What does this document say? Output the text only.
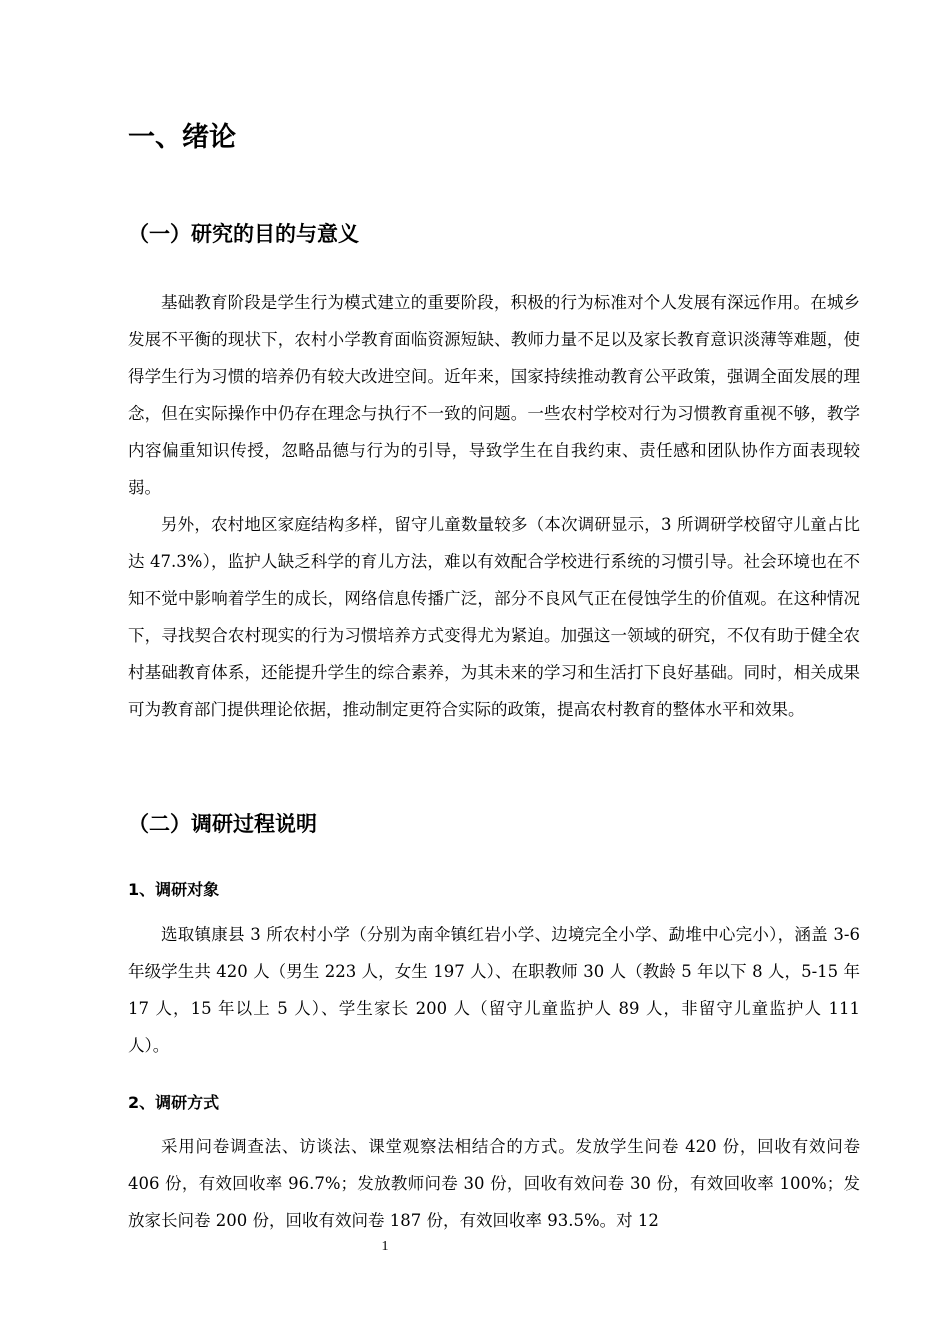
一、绪论
（一）研究的目的与意义

基础教育阶段是学生行为模式建立的重要阶段，积极的行为标准对个人发展有深远作用。在城乡发展不平衡的现状下，农村小学教育面临资源短缺、教师力量不足以及家长教育意识淡薄等难题，使得学生行为习惯的培养仍有较大改进空间。近年来，国家持续推动教育公平政策，强调全面发展的理念，但在实际操作中仍存在理念与执行不一致的问题。一些农村学校对行为习惯教育重视不够，教学内容偏重知识传授，忽略品德与行为的引导，导致学生在自我约束、责任感和团队协作方面表现较弱。

另外，农村地区家庭结构多样，留守儿童数量较多（本次调研显示，3 所调研学校留守儿童占比达 47.3%），监护人缺乏科学的育儿方法，难以有效配合学校进行系统的习惯引导。社会环境也在不知不觉中影响着学生的成长，网络信息传播广泛，部分不良风气正在侵蚀学生的价值观。在这种情况下，寻找契合农村现实的行为习惯培养方式变得尤为紧迫。加强这一领域的研究，不仅有助于健全农村基础教育体系，还能提升学生的综合素养，为其未来的学习和生活打下良好基础。同时，相关成果可为教育部门提供理论依据，推动制定更符合实际的政策，提高农村教育的整体水平和效果。

（二）调研过程说明
1、调研对象

选取镇康县 3 所农村小学（分别为南伞镇红岩小学、边境完全小学、勐堆中心完小），涵盖 3-6 年级学生共 420 人（男生 223 人，女生 197 人）、在职教师 30 人（教龄 5 年以下 8 人，5-15 年 17 人，15 年以上 5 人）、学生家长 200 人（留守儿童监护人 89 人，非留守儿童监护人 111 人）。

2、调研方式

采用问卷调查法、访谈法、课堂观察法相结合的方式。发放学生问卷 420 份，回收有效问卷 406 份，有效回收率 96.7%；发放教师问卷 30 份，回收有效问卷 30 份，有效回收率 100%；发放家长问卷 200 份，回收有效问卷 187 份，有效回收率 93.5%。对 12

1
